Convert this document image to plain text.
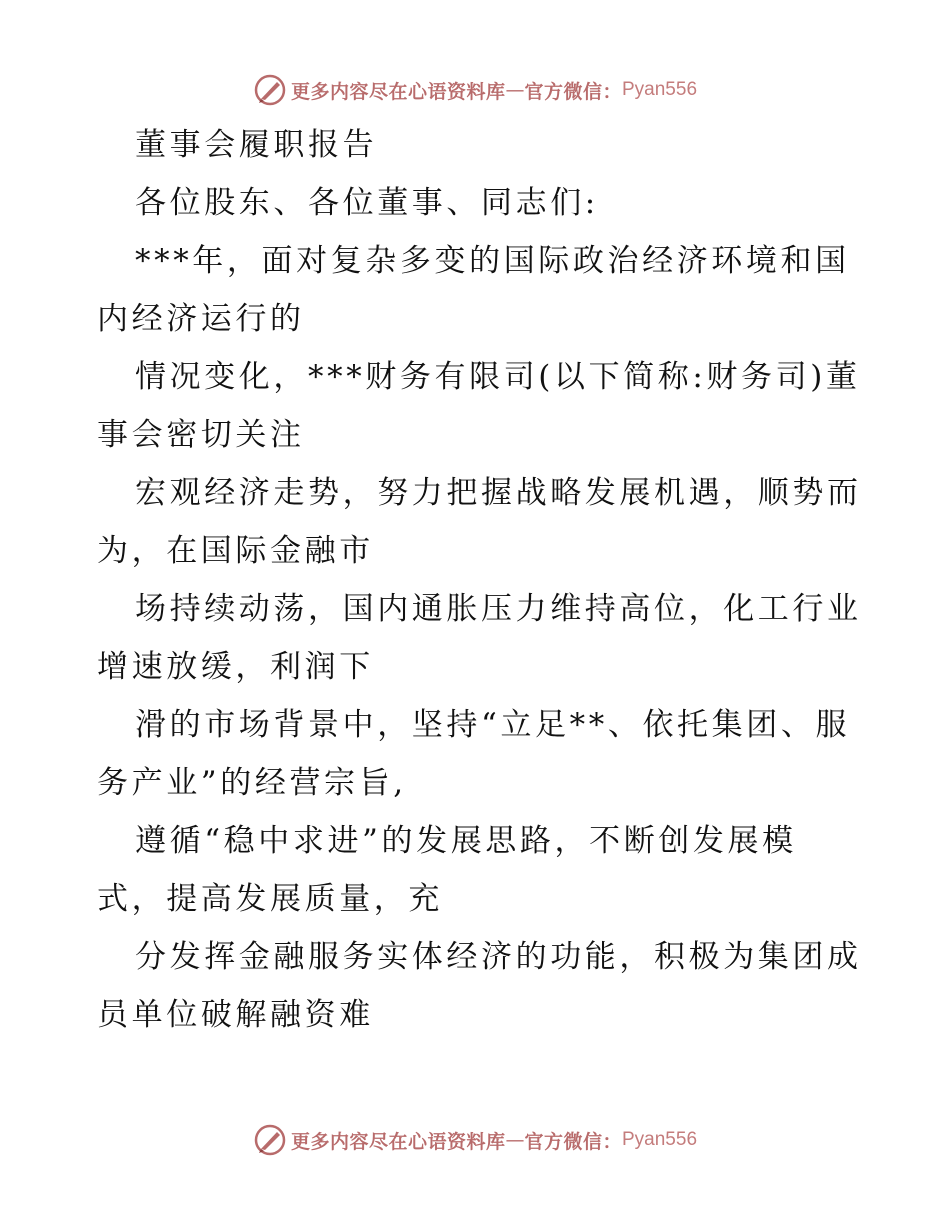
更多内容尽在心语资料库 — 官方微信： Pyan556
董事会履职报告
各位股东、各位董事、同志们:
***年，面对复杂多变的国际政治经济环境和国
内经济运行的
情况变化，***财务有限司(以下简称:财务司)董
事会密切关注
宏观经济走势，努力把握战略发展机遇，顺势而
为，在国际金融市
场持续动荡，国内通胀压力维持高位，化工行业
增速放缓，利润下
滑的市场背景中，坚持“立足**、依托集团、服
务产业”的经营宗旨,
遵循“稳中求进”的发展思路，不断创发展模
式，提高发展质量，充
分发挥金融服务实体经济的功能，积极为集团成
员单位破解融资难
更多内容尽在心语资料库 — 官方微信： Pyan556
